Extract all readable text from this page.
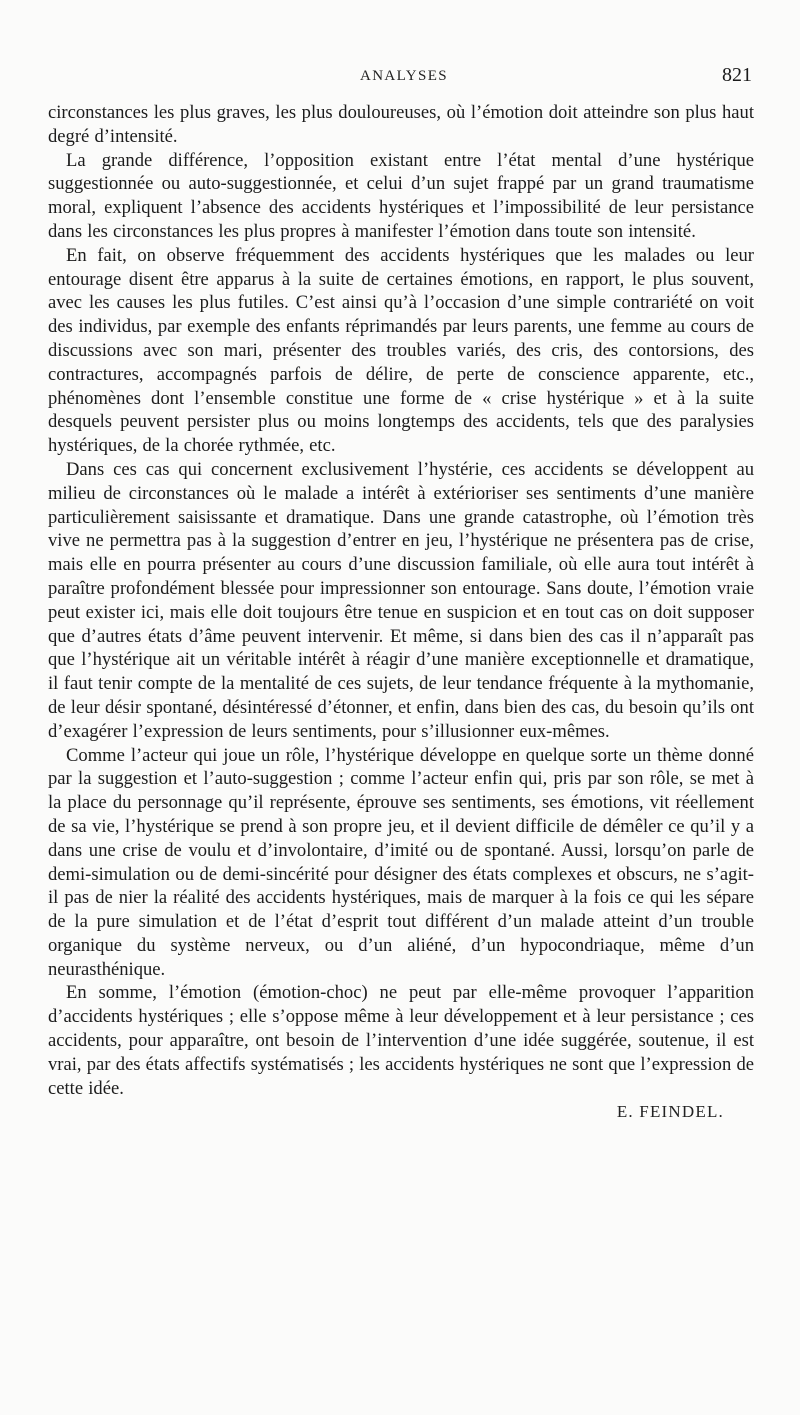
ANALYSES	821

circonstances les plus graves, les plus douloureuses, où l’émotion doit atteindre son plus haut degré d’intensité.

La grande différence, l’opposition existant entre l’état mental d’une hystérique suggestionnée ou auto-suggestionnée, et celui d’un sujet frappé par un grand traumatisme moral, expliquent l’absence des accidents hystériques et l’impossibilité de leur persistance dans les circonstances les plus propres à manifester l’émotion dans toute son intensité.

En fait, on observe fréquemment des accidents hystériques que les malades ou leur entourage disent être apparus à la suite de certaines émotions, en rapport, le plus souvent, avec les causes les plus futiles. C’est ainsi qu’à l’occasion d’une simple contrariété on voit des individus, par exemple des enfants réprimandés par leurs parents, une femme au cours de discussions avec son mari, présenter des troubles variés, des cris, des contorsions, des contractures, accompagnés parfois de délire, de perte de conscience apparente, etc., phénomènes dont l’ensemble constitue une forme de « crise hystérique » et à la suite desquels peuvent persister plus ou moins longtemps des accidents, tels que des paralysies hystériques, de la chorée rythmée, etc.

Dans ces cas qui concernent exclusivement l’hystérie, ces accidents se développent au milieu de circonstances où le malade a intérêt à extérioriser ses sentiments d’une manière particulièrement saisissante et dramatique. Dans une grande catastrophe, où l’émotion très vive ne permettra pas à la suggestion d’entrer en jeu, l’hystérique ne présentera pas de crise, mais elle en pourra présenter au cours d’une discussion familiale, où elle aura tout intérêt à paraître profondément blessée pour impressionner son entourage. Sans doute, l’émotion vraie peut exister ici, mais elle doit toujours être tenue en suspicion et en tout cas on doit supposer que d’autres états d’âme peuvent intervenir. Et même, si dans bien des cas il n’apparaît pas que l’hystérique ait un véritable intérêt à réagir d’une manière exceptionnelle et dramatique, il faut tenir compte de la mentalité de ces sujets, de leur tendance fréquente à la mythomanie, de leur désir spontané, désintéressé d’étonner, et enfin, dans bien des cas, du besoin qu’ils ont d’exagérer l’expression de leurs sentiments, pour s’illusionner eux-mêmes.

Comme l’acteur qui joue un rôle, l’hystérique développe en quelque sorte un thème donné par la suggestion et l’auto-suggestion ; comme l’acteur enfin qui, pris par son rôle, se met à la place du personnage qu’il représente, éprouve ses sentiments, ses émotions, vit réellement de sa vie, l’hystérique se prend à son propre jeu, et il devient difficile de démêler ce qu’il y a dans une crise de voulu et d’involontaire, d’imité ou de spontané. Aussi, lorsqu’on parle de demi-simulation ou de demi-sincérité pour désigner des états complexes et obscurs, ne s’agit-il pas de nier la réalité des accidents hystériques, mais de marquer à la fois ce qui les sépare de la pure simulation et de l’état d’esprit tout différent d’un malade atteint d’un trouble organique du système nerveux, ou d’un aliéné, d’un hypocondriaque, même d’un neurasthénique.

En somme, l’émotion (émotion-choc) ne peut par elle-même provoquer l’apparition d’accidents hystériques ; elle s’oppose même à leur développement et à leur persistance ; ces accidents, pour apparaître, ont besoin de l’intervention d’une idée suggérée, soutenue, il est vrai, par des états affectifs systématisés ; les accidents hystériques ne sont que l’expression de cette idée.

E. FEINDEL.
